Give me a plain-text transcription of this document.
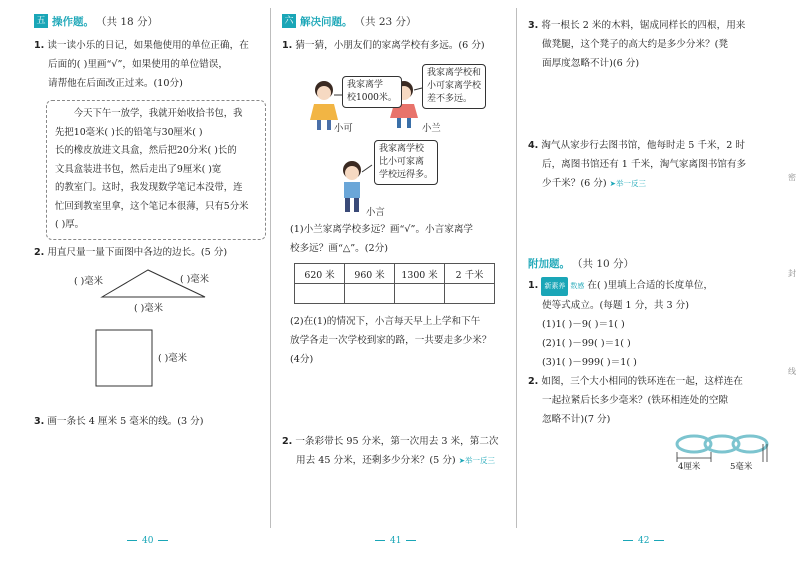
五 操作题。 （共 18 分）
1. 读一读小乐的日记，如果他使用的单位正确，在
后面的( )里画“√”，如果使用的单位错误，
请帮他在后面改正过来。(10分)
　　今天下午一放学，我就开始收拾书包，我
先把10毫米( )长的铅笔与30厘米( )
长的橡皮放进文具盒，然后把20分米( )长的
文具盒装进书包，然后走出了9厘米( )宽
的教室门。这时，我发现数学笔记本没带，连
忙回到教室里拿，这个笔记本很薄，只有5分米
( )厚。
2. 用直尺量一量下面图中各边的边长。(5 分)
( )毫米	( )毫米
( )毫米
( )毫米
3. 画一条长 4 厘米 5 毫米的线。(3 分)
40
六 解决问题。 （共 23 分）
1. 猜一猜，小朋友们的家离学校有多远。(6 分)
我家离学
校1000米。
我家离学校和
小可家离学校
差不多远。
我家离学校
比小可家离
学校远得多。
小可	小兰
小言
(1)小兰家离学校多远？画“√”。小言家离学
校多远？画“△”。(2分)
620 米	960 米	1300 米	2 千米

(2)在(1)的情况下，小言每天早上上学和下午
放学各走一次学校到家的路，一共要走多少米？
(4分)
2. 一条彩带长 95 分米，第一次用去 3 米，第二次
用去 45 分米，还剩多少分米？(5 分) ➤举一反三
41
3. 将一根长 2 米的木料，锯成同样长的四根，用来
做凳腿，这个凳子的高大约是多少分米？(凳
面厚度忽略不计)(6 分)
4. 淘气从家步行去图书馆，他每时走 5 千米，2 时
后，离图书馆还有 1 千米，淘气家离图书馆有多
少千米？(6 分) ➤举一反三
附加题。 （共 10 分）
1. 新素养 数感 在( )里填上合适的长度单位，
使等式成立。(每题 1 分，共 3 分)
(1)1( )－9( )＝1( )
(2)1( )－99( )＝1( )
(3)1( )－999( )＝1( )
2. 如图，三个大小相同的铁环连在一起，这样连在
一起拉紧后长多少毫米？(铁环相连处的空隙
忽略不计)(7 分)
4厘米	5毫米
密
封
线
42
